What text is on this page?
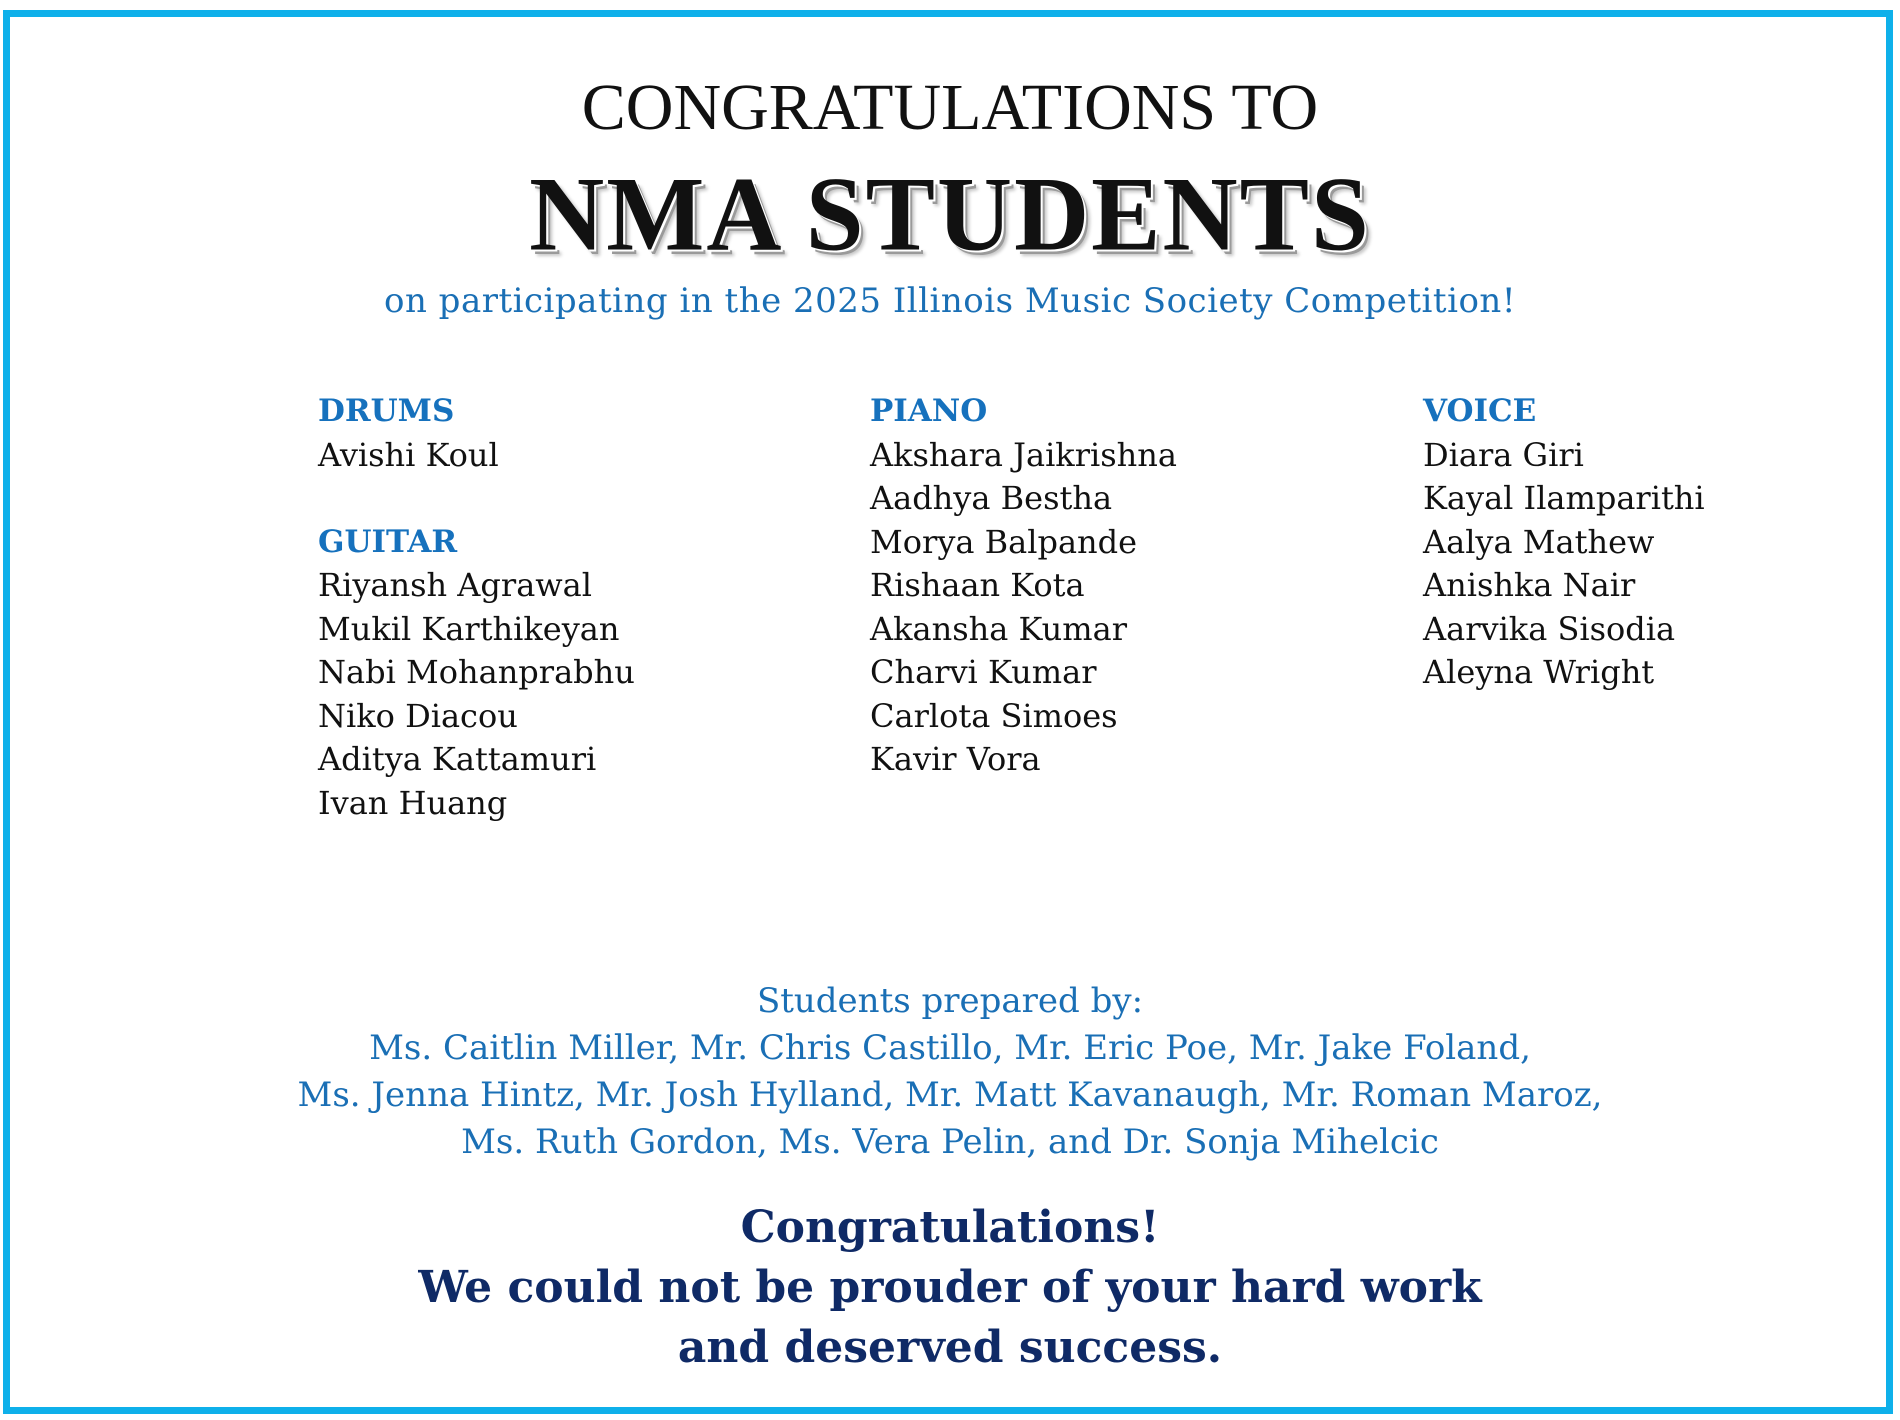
CONGRATULATIONS TO
NMA STUDENTS
on participating in the 2025 Illinois Music Society Competition!
DRUMS
Avishi Koul
GUITAR
Riyansh Agrawal
Mukil Karthikeyan
Nabi Mohanprabhu
Niko Diacou
Aditya Kattamuri
Ivan Huang
PIANO
Akshara Jaikrishna
Aadhya Bestha
Morya Balpande
Rishaan Kota
Akansha Kumar
Charvi Kumar
Carlota Simoes
Kavir Vora
VOICE
Diara Giri
Kayal Ilamparithi
Aalya Mathew
Anishka Nair
Aarvika Sisodia
Aleyna Wright
Students prepared by:
Ms. Caitlin Miller, Mr. Chris Castillo, Mr. Eric Poe, Mr. Jake Foland,
Ms. Jenna Hintz, Mr. Josh Hylland, Mr. Matt Kavanaugh, Mr. Roman Maroz,
Ms. Ruth Gordon, Ms. Vera Pelin, and Dr. Sonja Mihelcic
Congratulations!
We could not be prouder of your hard work
and deserved success.
